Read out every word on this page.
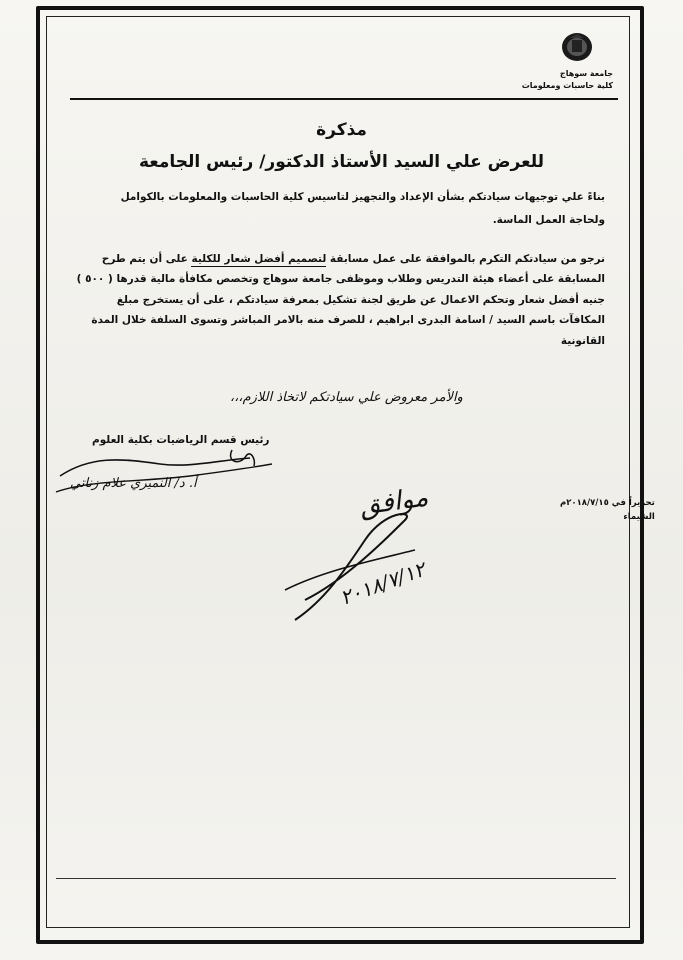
جامعة سوهاج
كلية حاسبات ومعلومات
مذكرة
للعرض علي السيد الأستاذ الدكتور/ رئيس الجامعة
بناءً علي توجيهات سيادتكم بشأن الإعداد والتجهيز لتاسيس كلية الحاسبات والمعلومات بالكوامل
ولحاجة العمل الماسة.
نرجو من سيادتكم التكرم بالموافقة على عمل مسابقة لتصميم أفضل شعار للكلية على أن يتم طرح
المسابقة على أعضاء هيئة التدريس وطلاب وموظفى جامعة سوهاج وتخصص مكافأة مالية قدرها ( ٥٠٠ )
جنيه أفضل شعار وتحكم الاعمال عن طريق لجنة تشكيل بمعرفة سيادتكم ، على أن يستخرج مبلغ
المكافآت باسم السيد / اسامة البدرى ابراهيم ، للصرف منه بالامر المباشر وتسوى السلفة خلال المدة
القانونية
والأمر معروض علي سيادتكم لاتخاذ اللازم،،،
رئيس قسم الرياضيات بكلية العلوم
أ. د/ النميري علام زناتي
تحريراً في ٢٠١٨/٧/١٥م
الشيماء
موافق
٢٠١٨/٧/١٢
